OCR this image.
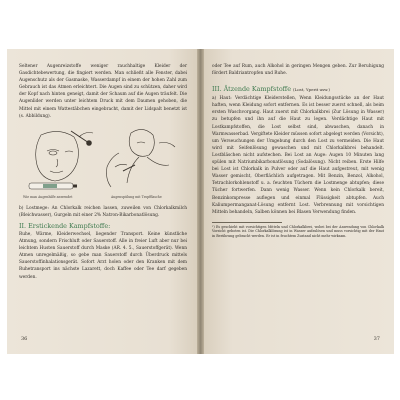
Seltener Augenreizstoffe weniger rauchhaltige Kleider der Gasdichtebewertung, die fingiert werden. Man schließt alle Fenster, dabei Augenschutz als der Gasmaske, Wasserdampf in einem der hohen Zahl zum Gebrauch ist das Atmen erleichtert. Die Augen sind zu schützen, daher wird der Kopf nach hinten geneigt, damit der Schaum auf die Augen träufelt. Die Augenlider werden unter leichtem Druck mit dem Daumen gehoben, die Mittel mit einem Wattestäbchen eingebracht, damit der Lidspalt benetzt ist (s. Abbildung).

Wie man Augenhilfe anwendet	Augenspülung mit Tropfflasche

b) Lostmege: An Chlorkalk reichen lassen, zuweilen von Chlorkalkmilch (Bleichwasser), Gurgeln mit einer 2% Natron-Bikarbonatlösung.

II. Erstickende Kampfstoffe:

Ruhe, Wärme, Kleiderwechsel, liegender Transport. Keine künstliche Atmung, sondern Frischluft oder Sauerstoff. Alle in freier Luft aber nur bei leichtem Husten Sauerstoff durch Maske (AR. 4. 5., Sauerstoffgerät). Wenn Atmen unregelmäßig, so gebe man Sauerstoff durch Überdruck mittels Sauerstoffinhalationsgerät. Sofort Arzt holen oder den Kranken mit dem Ruhetransport ins nächste Lazarett, doch Kaffee oder Tee darf gegeben werden.

36

oder Tee auf Rum, auch Alkohol in geringen Mengen geben. Zur Beruhigung fördert Baldriantropfen und Ruhe.

III. Ätzende Kampfstoffe (Lost, Yperit usw.)

a) Haut: Verdächtige Kleiderstellen, Wenn Kleidungsstücke an der Haut haften, wenn Kleidung sofort entfernen. Es ist besser zuerst schnell, als beim ersten Waschvorgang. Haut zuerst mit Chlorkalkbrei (Zur Lösung in Wasser) zu betupfen und ihn auf die Haut zu legen. Verdächtige Haut mit Lostkampfstoffen, die Lost selbst sind, abwaschen, danach in Warmwasserbad. Vergiftete Kleider müssen sofort abgelegt werden (Vorsicht), um Verseuchungen der Umgebung durch den Lost zu vermeiden. Die Haut wird mit Seifenlösung gewaschen und mit Chlorkalkbrei behandelt. Lostbläschen nicht aufstechen. Bei Lost an Auge: Augen 10 Minuten lang spülen mit Natriumbikarbonatlösung (Sodalösung). Nicht reiben. Erste Hilfe bei Lost ist Chlorkalk in Pulver oder auf die Haut aufgestreut, mit wenig Wasser gemischt, Oberflächlich aufgetragen. Mit Benzin, Benzol, Alkohol, Tetrachlorkohlenstoff u. a. feuchten Tüchern die Lostmenge abtupfen; diese Tücher fortwerfen. Dann wenig Wasser. Wenn kein Chlorkalk bereit, Benzinkompresse auflegen und einmal Flüssigkeit abtupfen. Auch Kaliumpermanganat-Lösung entfernt Lost. Verbrennung mit vorsichtigen Mitteln behandeln, Salben können bei Blasen Verwendung finden.

¹) Es geschieht mit vorsichtigen Mitteln und Chlorkalkbrei, wobei bei der Anwendung von Chlorkalk Vorsicht geboten ist. Die Chlorkalklösung ist in Wasser aufzulösen und muss vorsichtig mit der Haut in Berührung gebracht werden. Er ist in feuchtem Zustand nicht mehr wirksam.

37
